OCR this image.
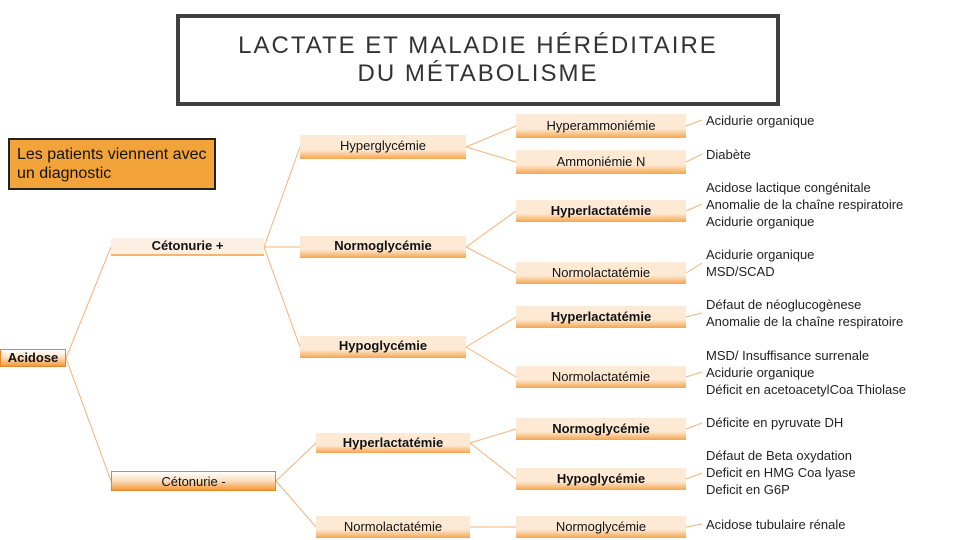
LACTATE ET MALADIE HÉRÉDITAIRE
DU MÉTABOLISME
Les patients viennent avec un diagnostic
Acidose
Cétonurie +
Cétonurie -
Hyperglycémie
Normoglycémie
Hypoglycémie
Hyperlactatémie
Normolactatémie
Hyperammoniémie
Ammoniémie N
Hyperlactatémie
Normolactatémie
Hyperlactatémie
Normolactatémie
Normoglycémie
Hypoglycémie
Normoglycémie
Acidurie organique
Diabète
Acidose lactique congénitale
Anomalie de la chaîne respiratoire
Acidurie organique
Acidurie organique
MSD/SCAD
Défaut de néoglucogènese
Anomalie de la chaîne respiratoire
MSD/ Insuffisance surrenale
Acidurie organique
Déficit en acetoacetylCoa Thiolase
Déficite en pyruvate DH
Défaut de Beta oxydation
Deficit en HMG Coa lyase
Deficit en G6P
Acidose tubulaire rénale
